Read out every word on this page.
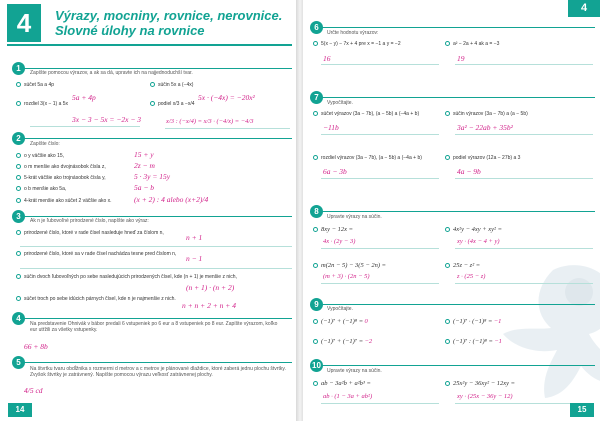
4	Výrazy, mocniny, rovnice, nerovnice.
Slovné úlohy na rovnice
1	Zapíšte pomocou výrazov, a ak sa dá, upravte ich na najjednoduchší tvar.
súčet 5a a 4p	súčin 5x a (−4x)
5a + 4p	5x · (−4x) = −20x²
rozdiel 3(x − 1) a 5x	podiel x/3 a −x/4
3x − 3 − 5x = −2x − 3	x/3 : (−x/4) = x/3 · (−4/x) = −4/3
2
Zapíšte číslo:
o y väčšie ako 15,	15 + y
o m menšie ako dvojnásobok čísla z,	2z − m
5-krát väčšie ako trojnásobok čísla y,	5 · 3y = 15y
o b menšie ako 5a,	5a − b
4-krát menšie ako súčet 2 väčšie ako x.	(x + 2) : 4 alebo (x+2)/4
3	Ak n je ľubovoľné prirodzené číslo, napíšte ako výraz:
prirodzené číslo, ktoré v rade čísel nasleduje hneď za číslom n,	n + 1
prirodzené číslo, ktoré sa v rade čísel nachádza tesne pred číslom n, n − 1
súčin dvoch ľubovoľných po sebe nasledujúcich prirodzených čísel, kde (n + 1) je menšie z nich,
(n + 1) · (n + 2)
súčet troch po sebe idúcich párnych čísel, kde n je najmenšie z nich.
n + n + 2 + n + 4
4
Na predstavenie Ohnivák v bábor predali 6 vstupeniek po 6 eur a 8 vstupeniek po 8 eur. Zapíšte výrazom, koľko eur utŕžili za všetky vstupenky.
66 + 8b
5
Na štvrtku tvaru obdĺžnika s rozmermi d metrov a c metrov je plánované dlaždice, ktoré zaberá jednu plochu štvrtky. Zvyšok štvrtky je zatrávnený. Napíšte pomocou výrazu veľkosť zatrávnenej plochy.
4/5 cd
14
4
6
Určte hodnotu výrazov:
5(x − y) − 7x + 4 pre x = −1 a y = −2	a² − 2a + 4 ak a = −3
16	19
7
Vypočítajte.
súčet výrazov (3a − 7b), (a − 5b) a (−4a + b)	súčin výrazov (3a − 7b) a (a − 5b)
−11b	3a² − 22ab + 35b²
rozdiel výrazov (3a − 7b), (a − 5b) a (−4a + b)	podiel výrazov (12a − 27b) a 3
6a − 3b	4a − 9b
8
Upravte výrazy na súčin.
8xy − 12x =	4x²y − 4xy + xy² =
4x · (2y − 3)	xy · (4x − 4 + y)
m(2n − 5) − 3(5 − 2n) =	25z − z² =
(m + 3) · (2n − 5)	z · (25 − z)
9	Vypočítajte.
(−1)⁷ + (−1)⁸ = 0	(−1)⁷ · (−1)⁸ = −1
(−1)⁷ + (−1)⁷ = −2	(−1)⁷ : (−1)⁸ = −1
10
Upravte výrazy na súčin.
ab − 3a²b + a²b³ =	25x²y − 36xy² − 12xy =
ab · (1 − 3a + ab²)	xy · (25x − 36y − 12)
15
